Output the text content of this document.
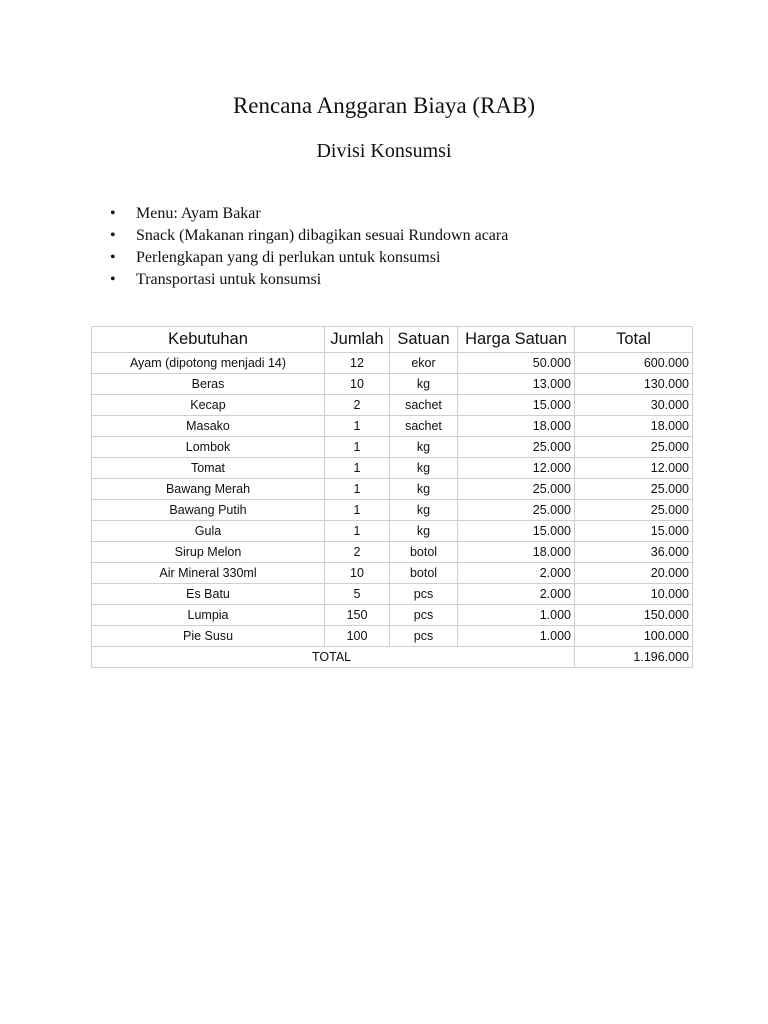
Rencana Anggaran Biaya (RAB)
Divisi Konsumsi
• Menu: Ayam Bakar
• Snack (Makanan ringan) dibagikan sesuai Rundown acara
• Perlengkapan yang di perlukan untuk konsumsi
• Transportasi untuk konsumsi
Kebutuhan	Jumlah	Satuan	Harga Satuan	Total
Ayam (dipotong menjadi 14)	12	ekor	50.000	600.000
Beras	10	kg	13.000	130.000
Kecap	2	sachet	15.000	30.000
Masako	1	sachet	18.000	18.000
Lombok	1	kg	25.000	25.000
Tomat	1	kg	12.000	12.000
Bawang Merah	1	kg	25.000	25.000
Bawang Putih	1	kg	25.000	25.000
Gula	1	kg	15.000	15.000
Sirup Melon	2	botol	18.000	36.000
Air Mineral 330ml	10	botol	2.000	20.000
Es Batu	5	pcs	2.000	10.000
Lumpia	150	pcs	1.000	150.000
Pie Susu	100	pcs	1.000	100.000
TOTAL				1.196.000
